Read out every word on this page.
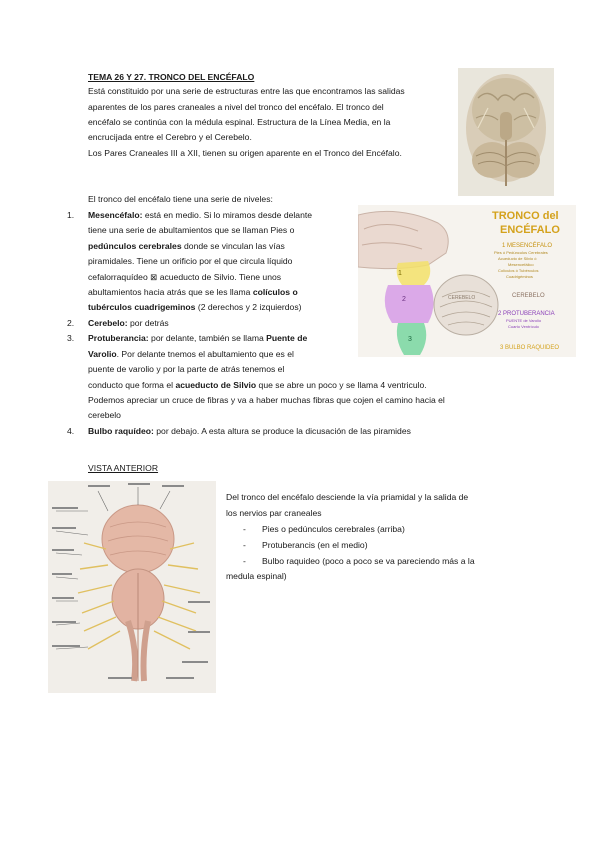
TEMA 26 Y 27. TRONCO DEL ENCÉFALO
Está constituido por una serie de estructuras entre las que encontramos las salidas
aparentes de los pares craneales a nivel del tronco del encéfalo. El tronco del
encéfalo se continúa con la médula espinal. Estructura de la Línea Media, en la
encrucijada entre el Cerebro y el Cerebelo.
Los Pares Craneales III a XII, tienen su origen aparente en el Tronco del Encéfalo.
El tronco del encéfalo tiene una serie de niveles:
1. Mesencéfalo: está en medio. Si lo miramos desde delante
tiene una serie de abultamientos que se llaman Pies o
pedúnculos cerebrales donde se vinculan las vías
piramidales. Tiene un orificio por el que circula líquido
cefalorraquídeo ⊠ acueducto de Silvio. Tiene unos
abultamientos hacia atrás que se les llama colículos o
tubérculos cuadrigeminos (2 derechos y 2 izquierdos)
2. Cerebelo: por detrás
3. Protuberancia: por delante, también se llama Puente de
Varolio. Por delante tnemos el abultamiento que es el
puente de varolio y por la parte de atrás tenemos el
conducto que forma el acueducto de Silvio que se abre un poco y se llama 4 ventriculo.
Podemos apreciar un cruce de fibras y va a haber muchas fibras que cojen el camino hacia el
cerebelo
4. Bulbo raquídeo: por debajo. A esta altura se produce la dicusación de las piramides
1
2
3
CEREBELO
TRONCO del
ENCÉFALO
1 MESENCÉFALO
Pies ó Pedúnculos Cerebrales
Acueducto de Silvio ó
Mesencefálico
Colículos ó Tubérculos
Cuadrigéminos
CEREBELO
2 PROTUBERANCIA
PUENTE de Varolio
Cuarto Ventrículo
3 BULBO RAQUIDEO
VISTA ANTERIOR
Del tronco del encéfalo desciende la vía priamidal y la salida de
los nervios par craneales
- Pies o pedúnculos cerebrales (arriba)
- Protuberancis (en el medio)
- Bulbo raquideo (poco a poco se va pareciendo más a la
medula espinal)
